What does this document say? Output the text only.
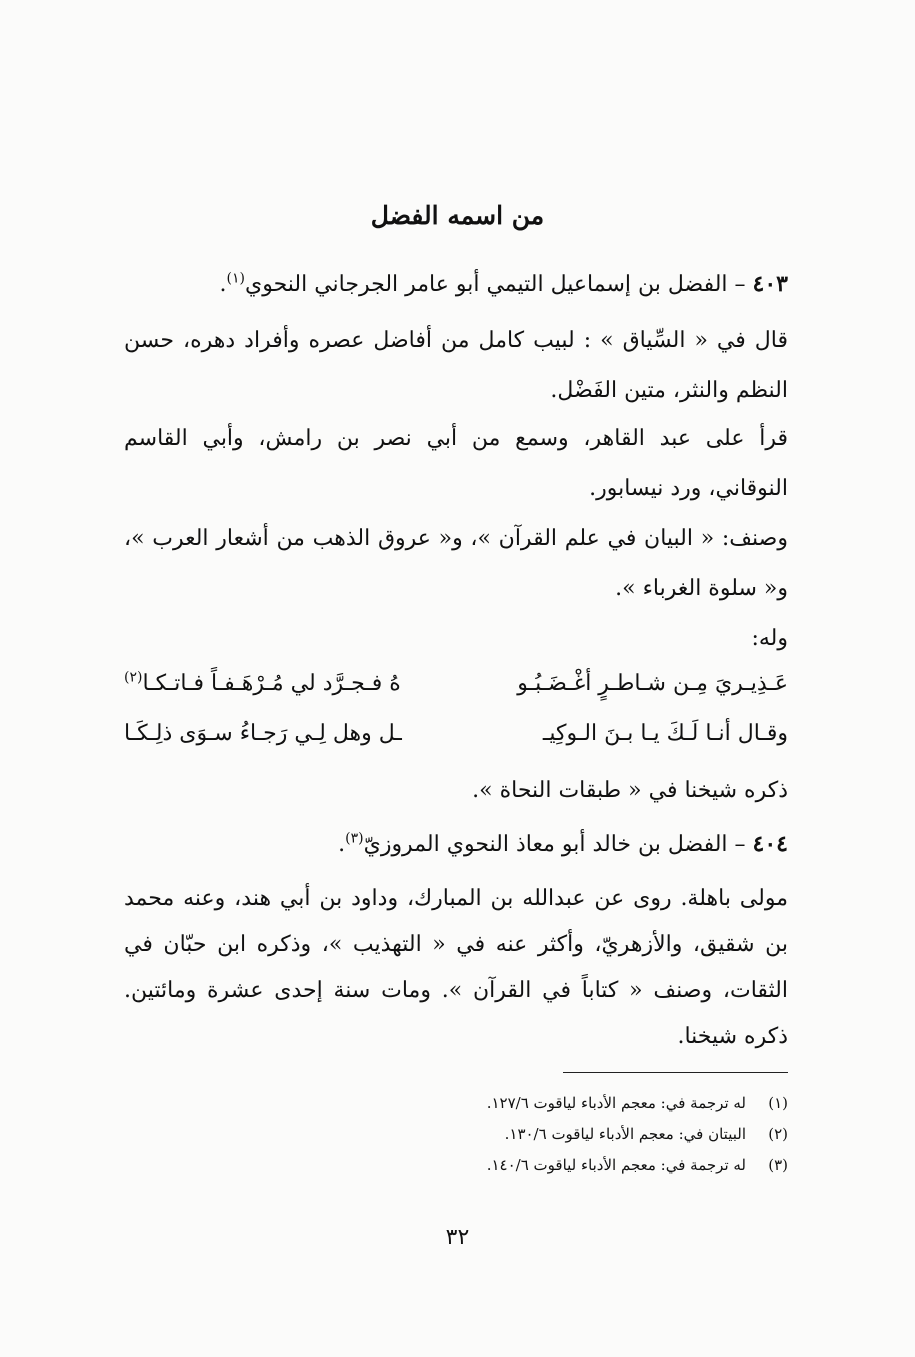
من اسمه الفضل
٤٠٣ – الفضل بن إسماعيل التيمي أبو عامر الجرجاني النحوي$^{(١)}$.

قال في « السِّياق » : لبيب كامل من أفاضل عصره وأفراد دهره، حسن النظم والنثر، متين الفَضْل.

قرأ على عبد القاهر، وسمع من أبي نصر بن رامش، وأبي القاسم النوقاني، ورد نيسابور.

وصنف: « البيان في علم القرآن »، و« عروق الذهب من أشعار العرب »، و« سلوة الغرباء ».

وله:

عَـذِيـريَ مِـن شـاطـرٍ أغْـضَـبُـو
هُ فـجـرَّد لي مُـرْهَـفـاً فـاتـكـا$^{(٢)}$
وقـال أنـا لَـكَ يـا بـنَ الـوكِيـ
ـل وهل لِـي رَجـاءُ سـوَى ذلِـكَـا

ذكره شيخنا في « طبقات النحاة ».

٤٠٤ – الفضل بن خالد أبو معاذ النحوي المروزيّ$^{(٣)}$.

مولى باهلة. روى عن عبدالله بن المبارك، وداود بن أبي هند، وعنه محمد بن شقيق، والأزهريّ، وأكثر عنه في « التهذيب »، وذكره ابن حبّان في الثقات، وصنف « كتاباً في القرآن ». ومات سنة إحدى عشرة ومائتين. ذكره شيخنا.

(١)
له ترجمة في: معجم الأدباء لياقوت ١٢٧/٦.
(٢)
البيتان في: معجم الأدباء لياقوت ١٣٠/٦.
(٣)
له ترجمة في: معجم الأدباء لياقوت ١٤٠/٦.
٣٢
